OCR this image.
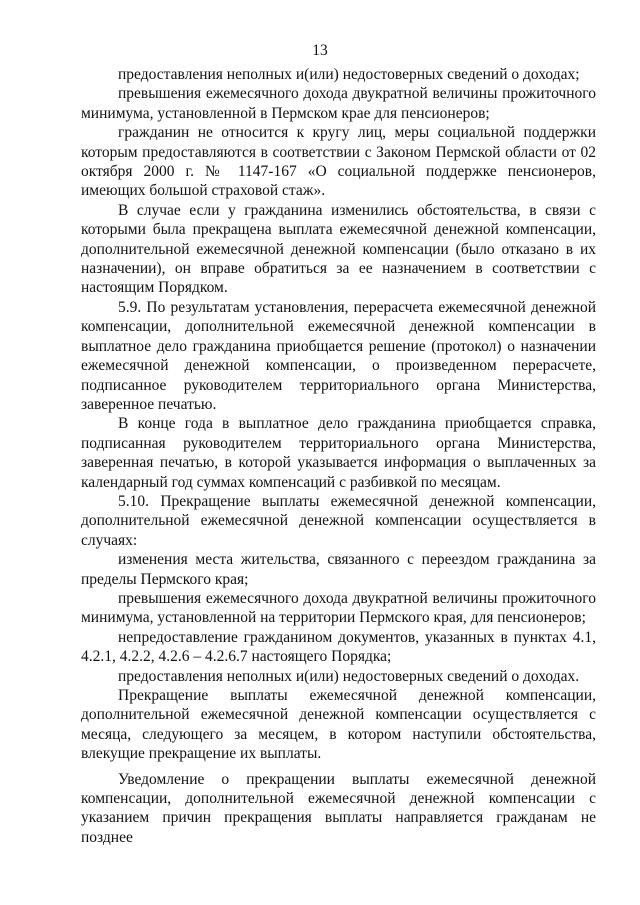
13

предоставления неполных и(или) недостоверных сведений о доходах;

превышения ежемесячного дохода двукратной величины прожиточного минимума, установленной в Пермском крае для пенсионеров;

гражданин не относится к кругу лиц, меры социальной поддержки которым предоставляются в соответствии с Законом Пермской области от 02 октября 2000 г. № 1147-167 «О социальной поддержке пенсионеров, имеющих большой страховой стаж».

В случае если у гражданина изменились обстоятельства, в связи с которыми была прекращена выплата ежемесячной денежной компенсации, дополнительной ежемесячной денежной компенсации (было отказано в их назначении), он вправе обратиться за ее назначением в соответствии с настоящим Порядком.

5.9. По результатам установления, перерасчета ежемесячной денежной компенсации, дополнительной ежемесячной денежной компенсации в выплатное дело гражданина приобщается решение (протокол) о назначении ежемесячной денежной компенсации, о произведенном перерасчете, подписанное руководителем территориального органа Министерства, заверенное печатью.

В конце года в выплатное дело гражданина приобщается справка, подписанная руководителем территориального органа Министерства, заверенная печатью, в которой указывается информация о выплаченных за календарный год суммах компенсаций с разбивкой по месяцам.

5.10. Прекращение выплаты ежемесячной денежной компенсации, дополнительной ежемесячной денежной компенсации осуществляется в случаях:

изменения места жительства, связанного с переездом гражданина за пределы Пермского края;

превышения ежемесячного дохода двукратной величины прожиточного минимума, установленной на территории Пермского края, для пенсионеров;

непредоставление гражданином документов, указанных в пунктах 4.1, 4.2.1, 4.2.2, 4.2.6 – 4.2.6.7 настоящего Порядка;

предоставления неполных и(или) недостоверных сведений о доходах.

Прекращение выплаты ежемесячной денежной компенсации, дополнительной ежемесячной денежной компенсации осуществляется с месяца, следующего за месяцем, в котором наступили обстоятельства, влекущие прекращение их выплаты.

Уведомление о прекращении выплаты ежемесячной денежной компенсации, дополнительной ежемесячной денежной компенсации с указанием причин прекращения выплаты направляется гражданам не позднее
